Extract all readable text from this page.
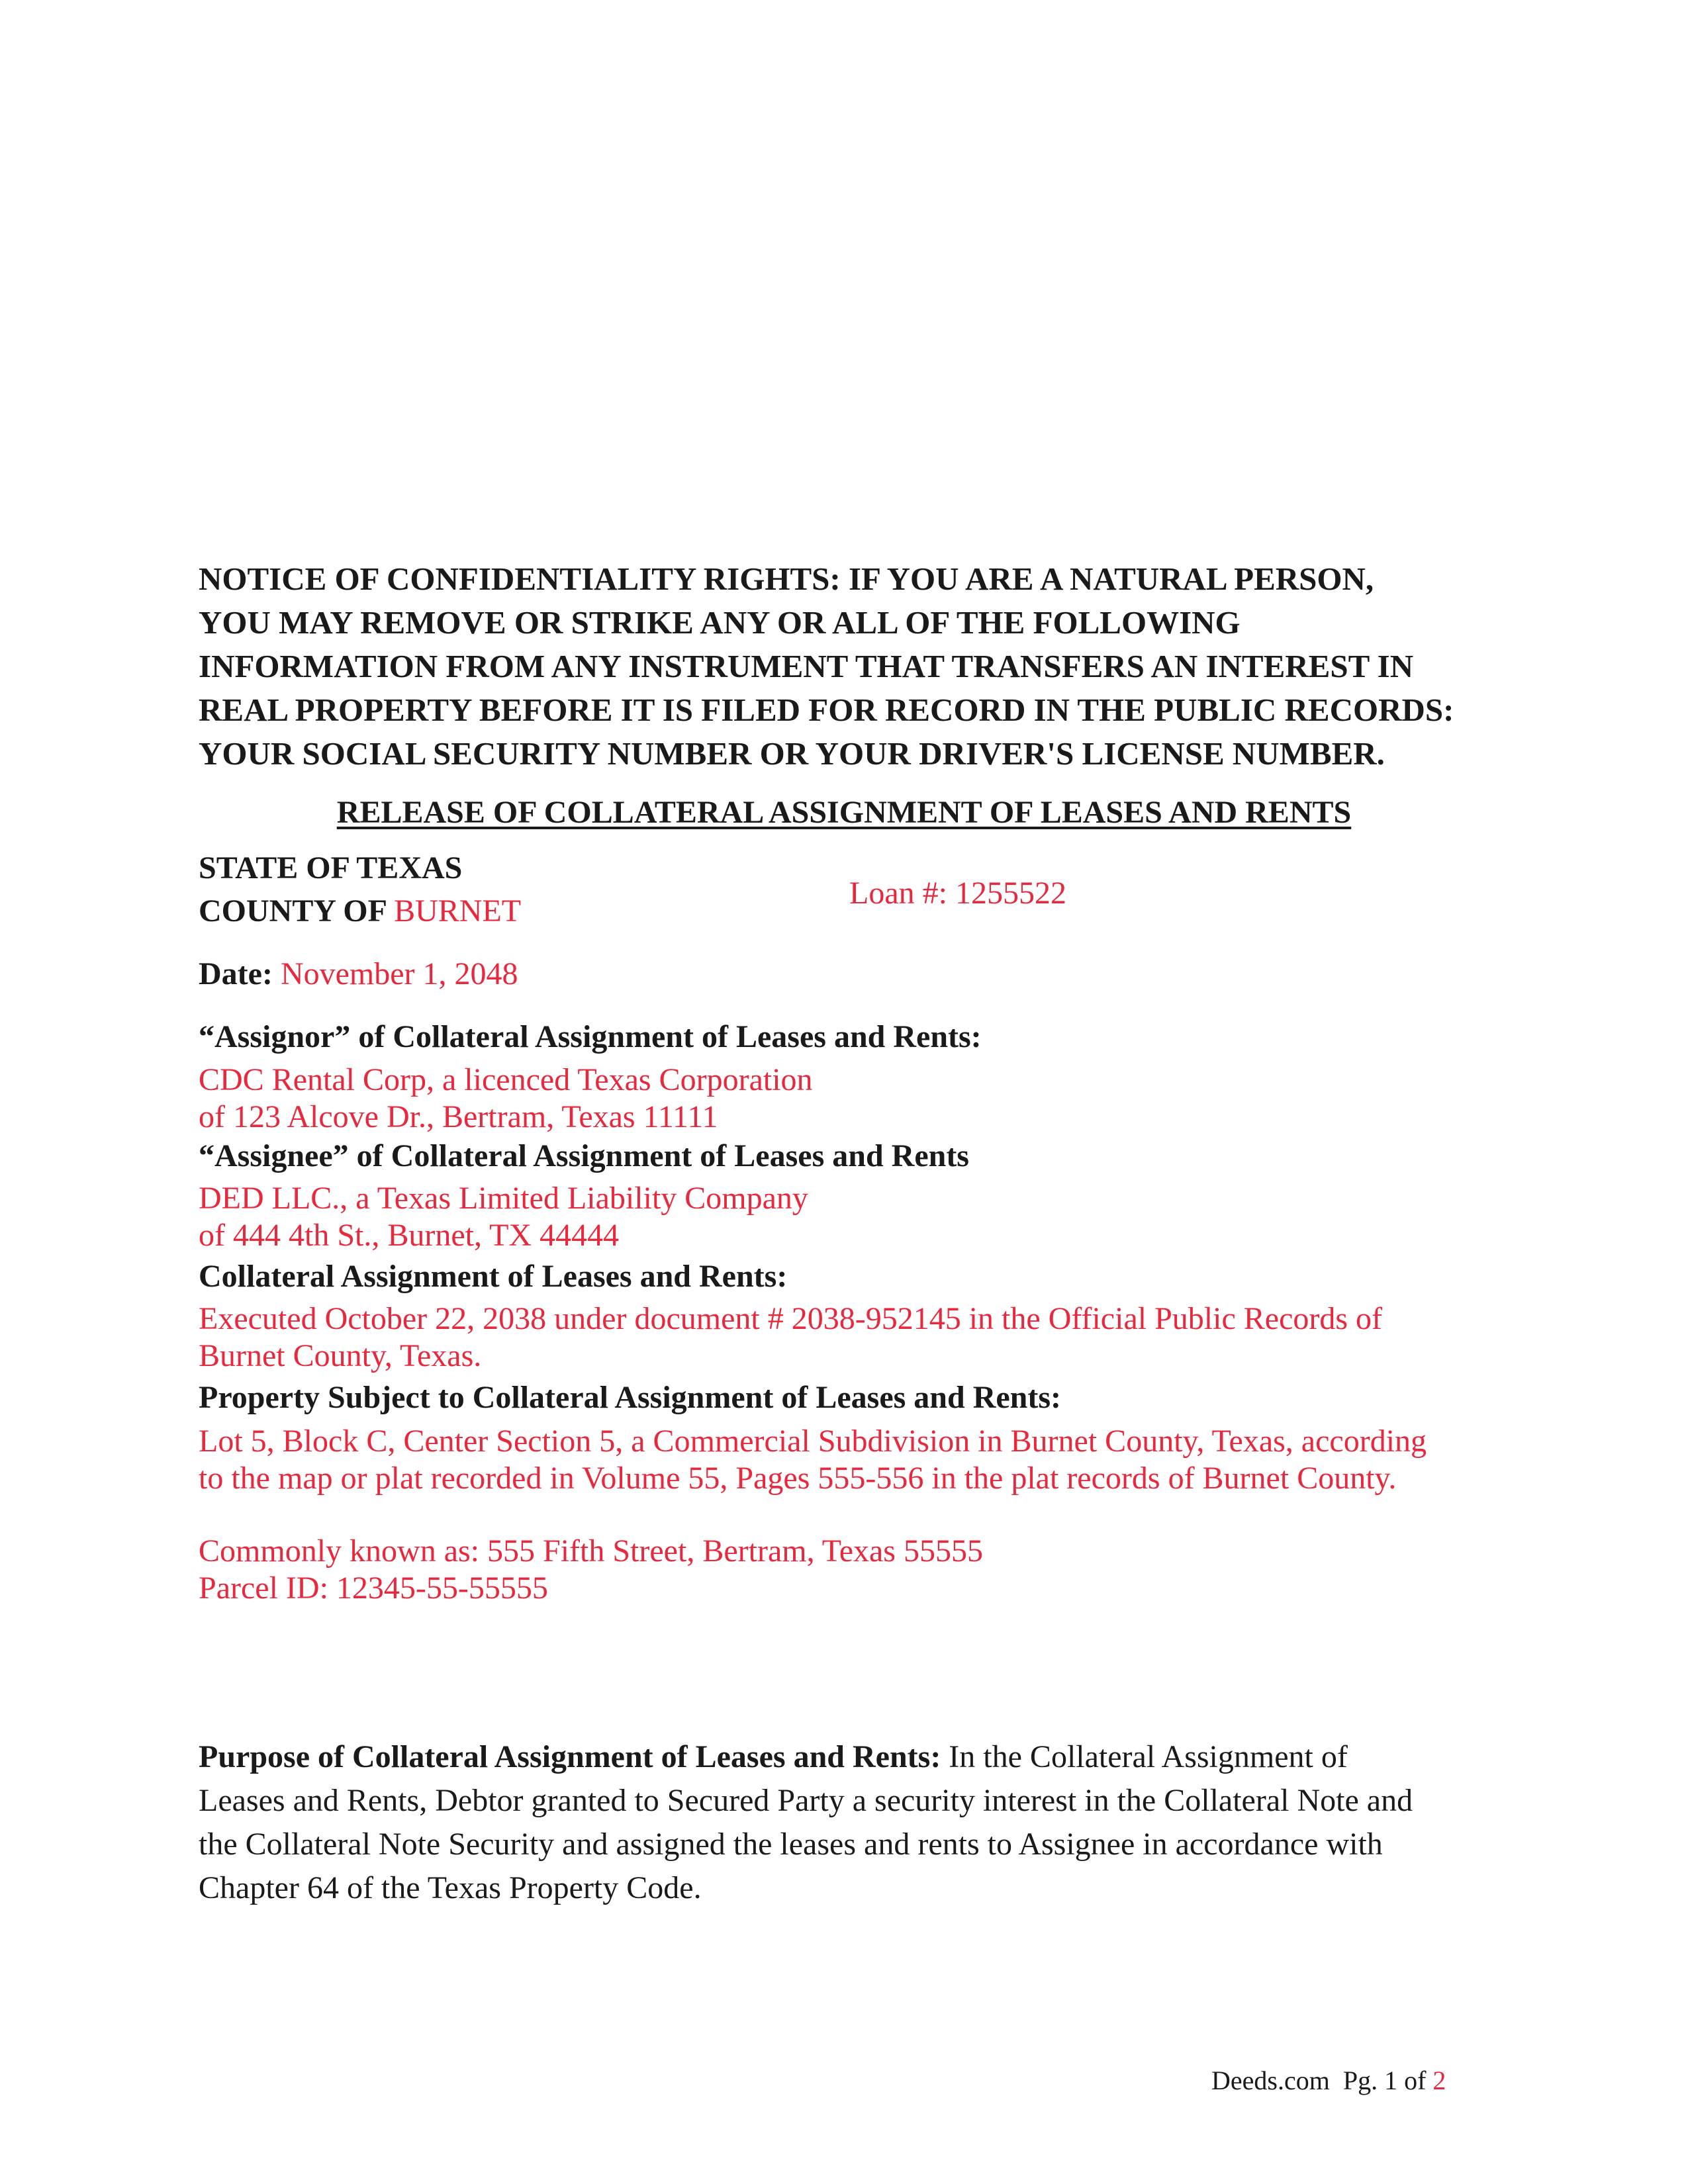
NOTICE OF CONFIDENTIALITY RIGHTS: IF YOU ARE A NATURAL PERSON,
YOU MAY REMOVE OR STRIKE ANY OR ALL OF THE FOLLOWING
INFORMATION FROM ANY INSTRUMENT THAT TRANSFERS AN INTEREST IN
REAL PROPERTY BEFORE IT IS FILED FOR RECORD IN THE PUBLIC RECORDS:
YOUR SOCIAL SECURITY NUMBER OR YOUR DRIVER'S LICENSE NUMBER.
RELEASE OF COLLATERAL ASSIGNMENT OF LEASES AND RENTS
STATE OF TEXAS
COUNTY OF BURNET
Loan #: 1255522
Date: November 1, 2048
“Assignor” of Collateral Assignment of Leases and Rents:
CDC Rental Corp, a licenced Texas Corporation
of 123 Alcove Dr., Bertram, Texas 11111
“Assignee” of Collateral Assignment of Leases and Rents
DED LLC., a Texas Limited Liability Company
of 444 4th St., Burnet, TX 44444
Collateral Assignment of Leases and Rents:
Executed October 22, 2038 under document # 2038-952145 in the Official Public Records of
Burnet County, Texas.
Property Subject to Collateral Assignment of Leases and Rents:
Lot 5, Block C, Center Section 5, a Commercial Subdivision in Burnet County, Texas, according
to the map or plat recorded in Volume 55, Pages 555-556 in the plat records of Burnet County.
Commonly known as: 555 Fifth Street, Bertram, Texas 55555
Parcel ID: 12345-55-55555
Purpose of Collateral Assignment of Leases and Rents: In the Collateral Assignment of
Leases and Rents, Debtor granted to Secured Party a security interest in the Collateral Note and
the Collateral Note Security and assigned the leases and rents to Assignee in accordance with
Chapter 64 of the Texas Property Code.
Deeds.com Pg. 1 of 2
